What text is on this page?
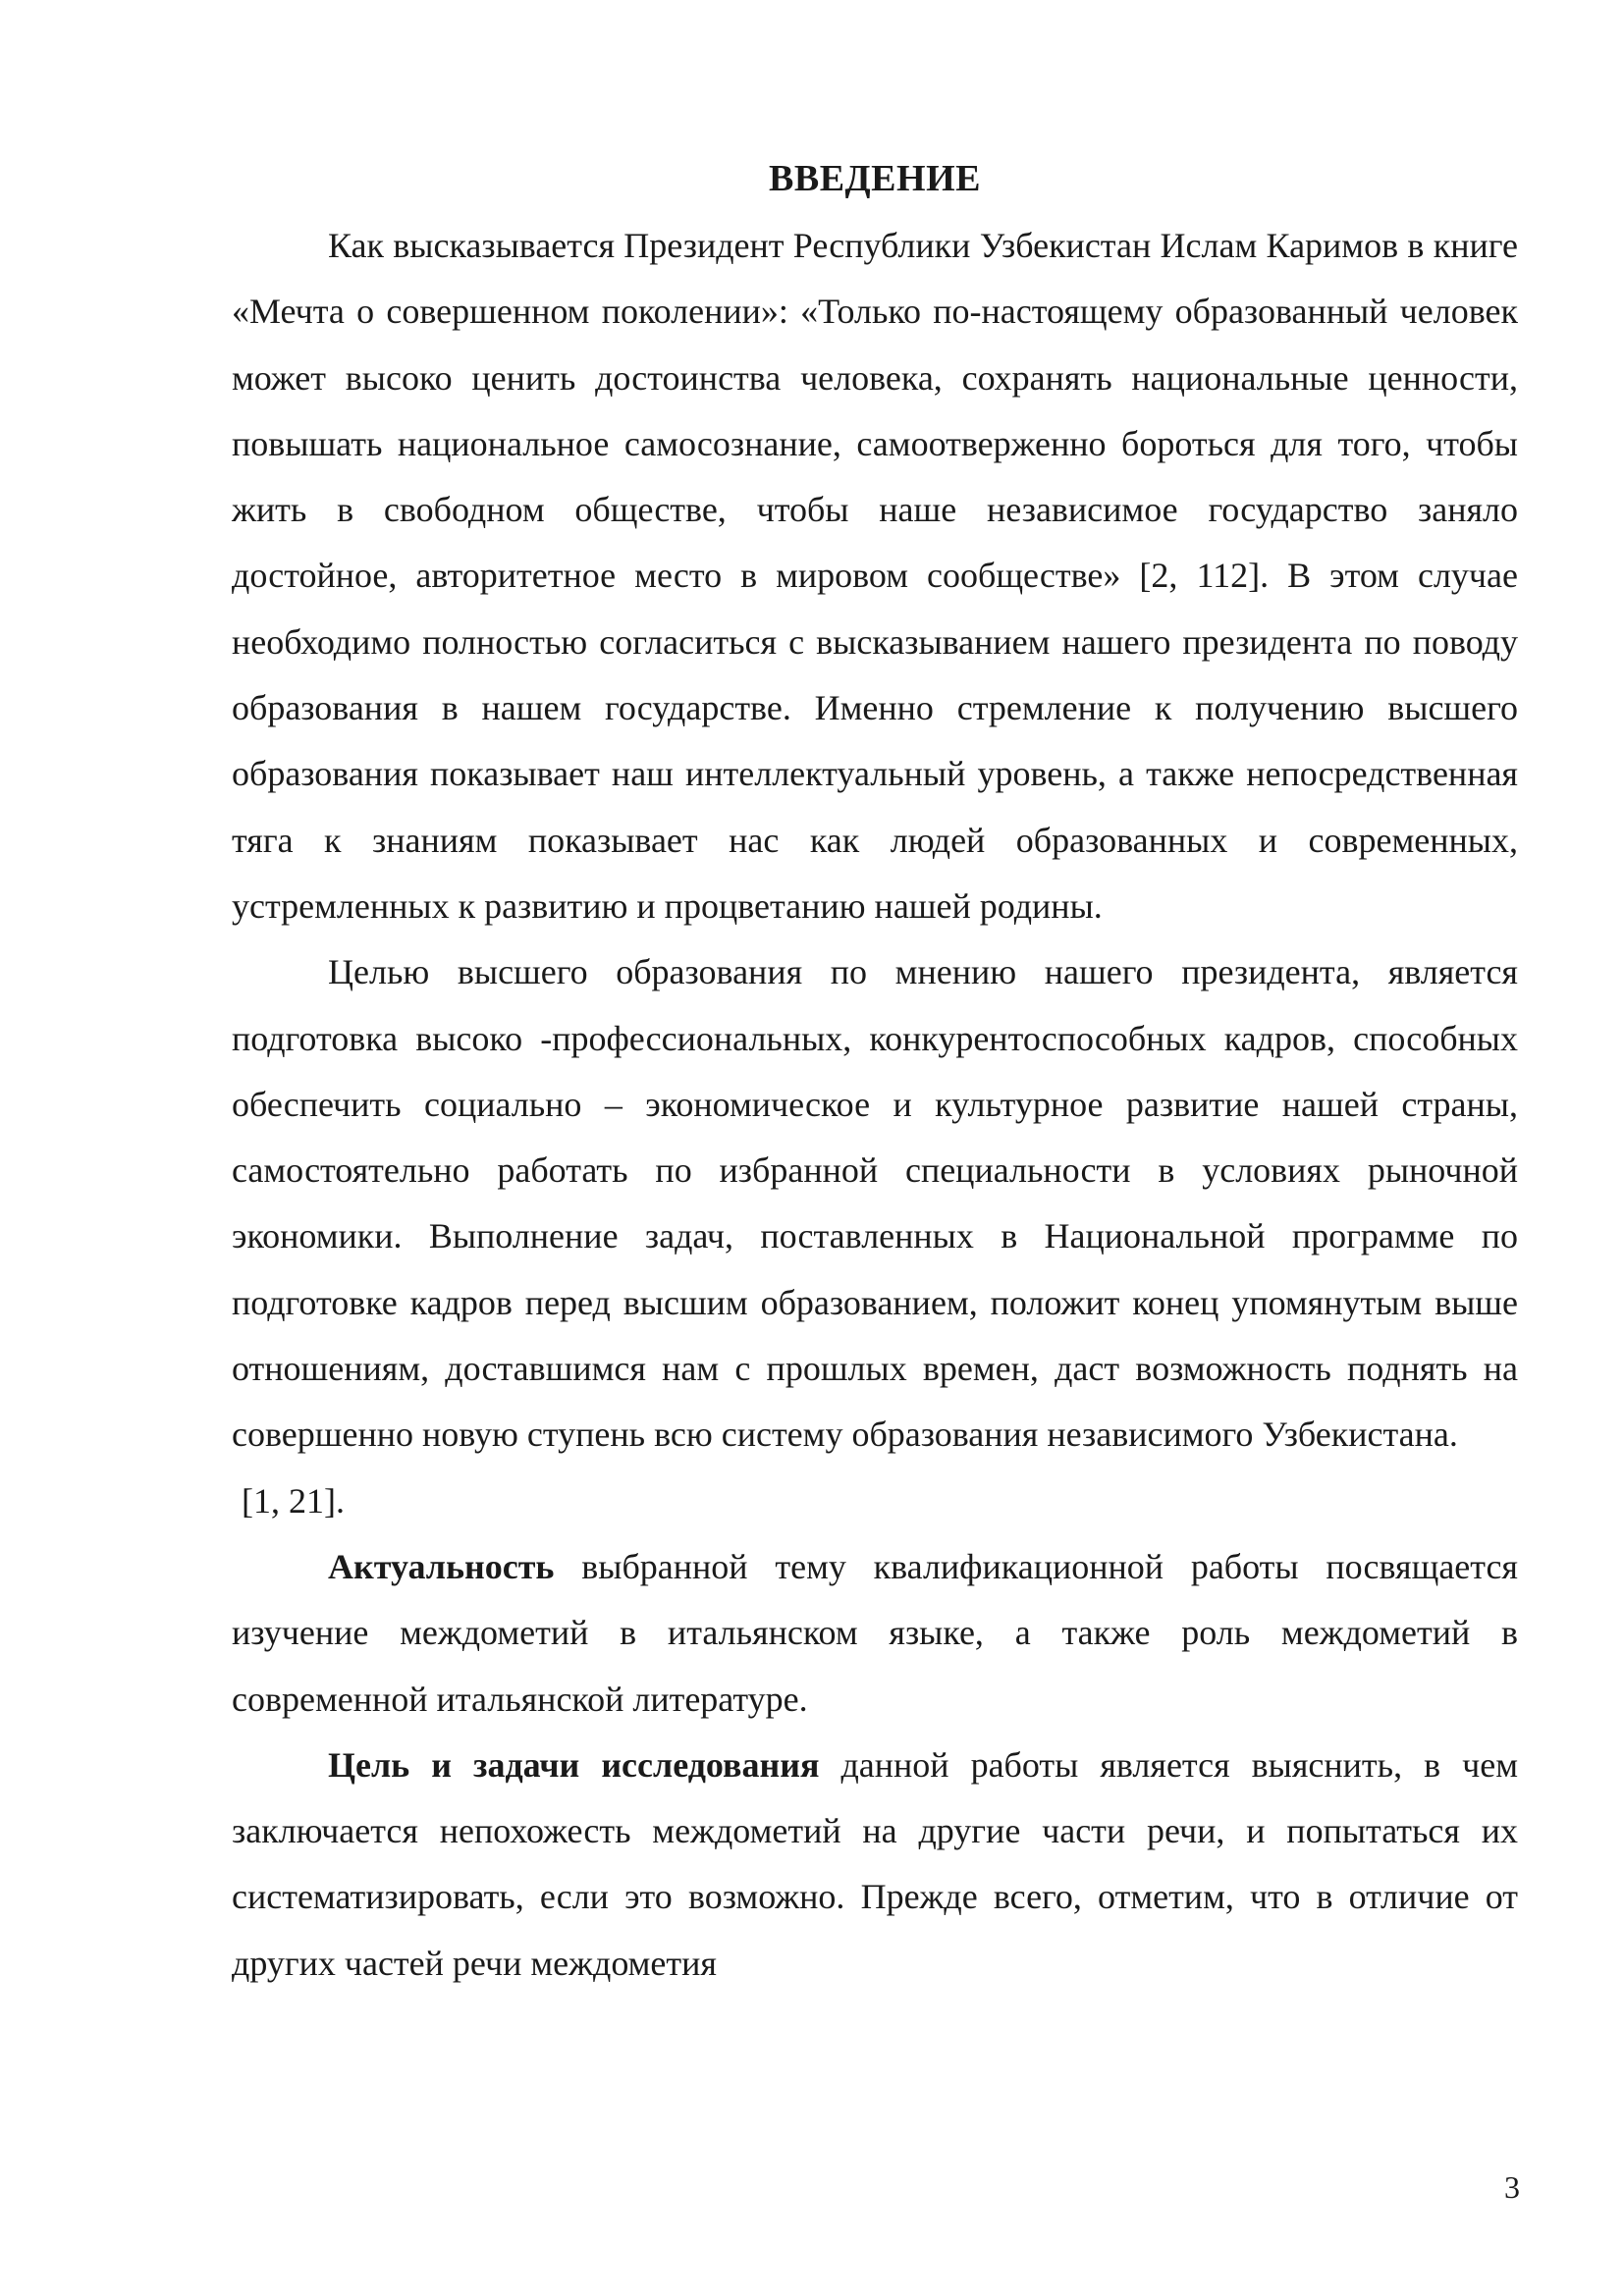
ВВЕДЕНИЕ

Как высказывается Президент Республики Узбекистан Ислам Каримов в книге «Мечта о совершенном поколении»: «Только по-настоящему образованный человек может высоко ценить достоинства человека, сохранять национальные ценности, повышать национальное самосознание, самоотверженно бороться для того, чтобы жить в свободном обществе, чтобы наше независимое государство заняло достойное, авторитетное место в мировом сообществе» [2, 112]. В этом случае необходимо полностью согласиться с высказыванием нашего президента по поводу образования в нашем государстве. Именно стремление к получению высшего образования показывает наш интеллектуальный уровень, а также непосредственная тяга к знаниям показывает нас как людей образованных и современных, устремленных к развитию и процветанию нашей родины.

Целью высшего образования по мнению нашего президента, является подготовка высоко -профессиональных, конкурентоспособных кадров, способных обеспечить социально – экономическое и культурное развитие нашей страны, самостоятельно работать по избранной специальности в условиях рыночной экономики. Выполнение задач, поставленных в Национальной программе по подготовке кадров перед высшим образованием, положит конец упомянутым выше отношениям, доставшимся нам с прошлых времен, даст возможность поднять на совершенно новую ступень всю систему образования независимого Узбекистана.

[1, 21].

Актуальность выбранной тему квалификационной работы посвящается изучение междометий в итальянском языке, а также роль междометий в современной итальянской литературе.

Цель и задачи исследования данной работы является выяснить, в чем заключается непохожесть междометий на другие части речи, и попытаться их систематизировать, если это возможно. Прежде всего, отметим, что в отличие от других частей речи междометия

3
